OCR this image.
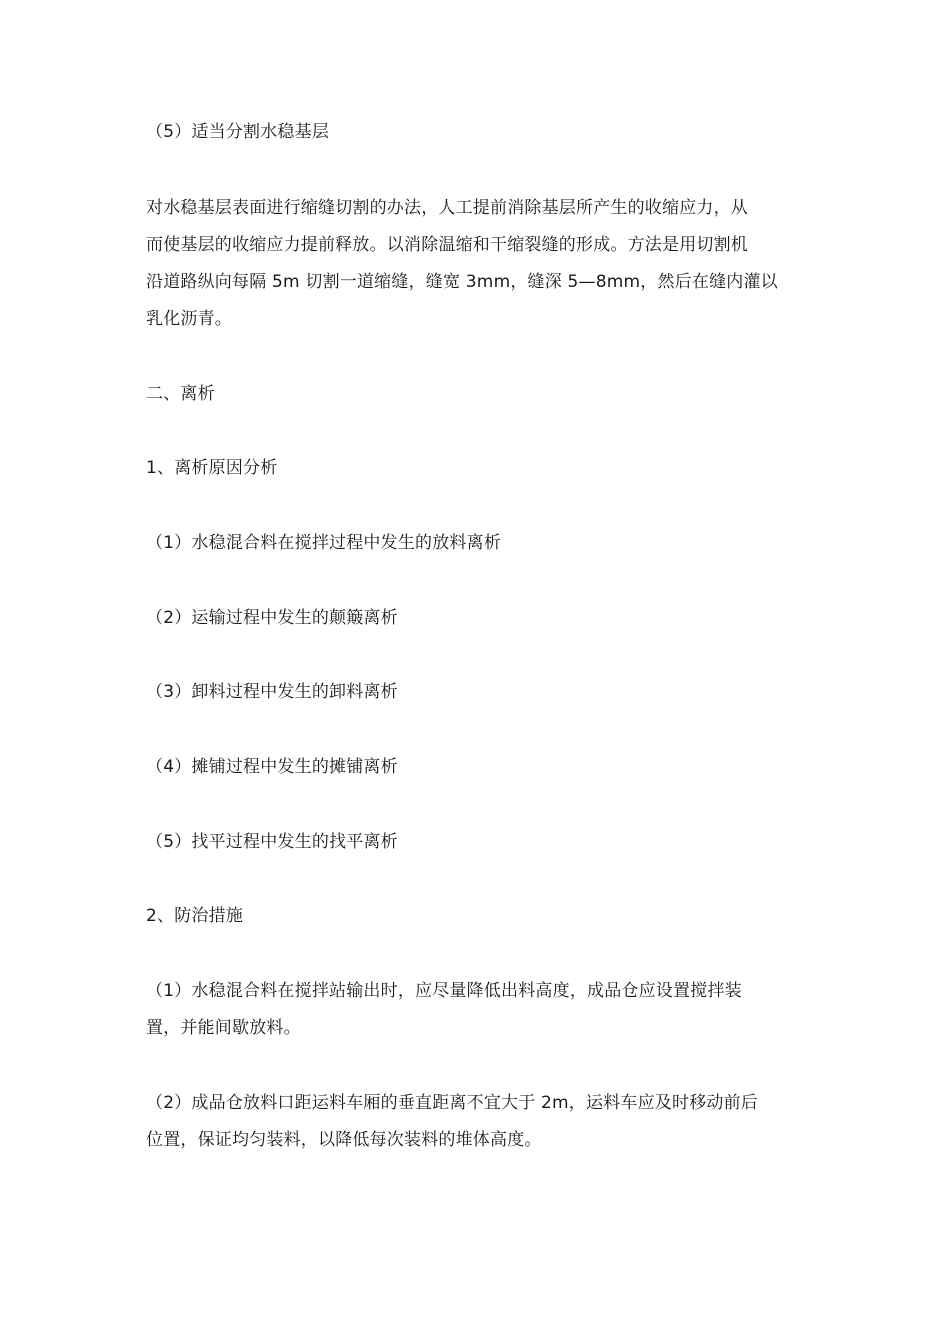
（5）适当分割水稳基层

对水稳基层表面进行缩缝切割的办法，人工提前消除基层所产生的收缩应力，从
而使基层的收缩应力提前释放。以消除温缩和干缩裂缝的形成。方法是用切割机
沿道路纵向每隔 5m 切割一道缩缝，缝宽 3mm，缝深 5—8mm，然后在缝内灌以
乳化沥青。

二、离析

1、离析原因分析

（1）水稳混合料在搅拌过程中发生的放料离析

（2）运输过程中发生的颠簸离析

（3）卸料过程中发生的卸料离析

（4）摊铺过程中发生的摊铺离析

（5）找平过程中发生的找平离析

2、防治措施

（1）水稳混合料在搅拌站输出时，应尽量降低出料高度，成品仓应设置搅拌装
置，并能间歇放料。

（2）成品仓放料口距运料车厢的垂直距离不宜大于 2m，运料车应及时移动前后
位置，保证均匀装料，以降低每次装料的堆体高度。
